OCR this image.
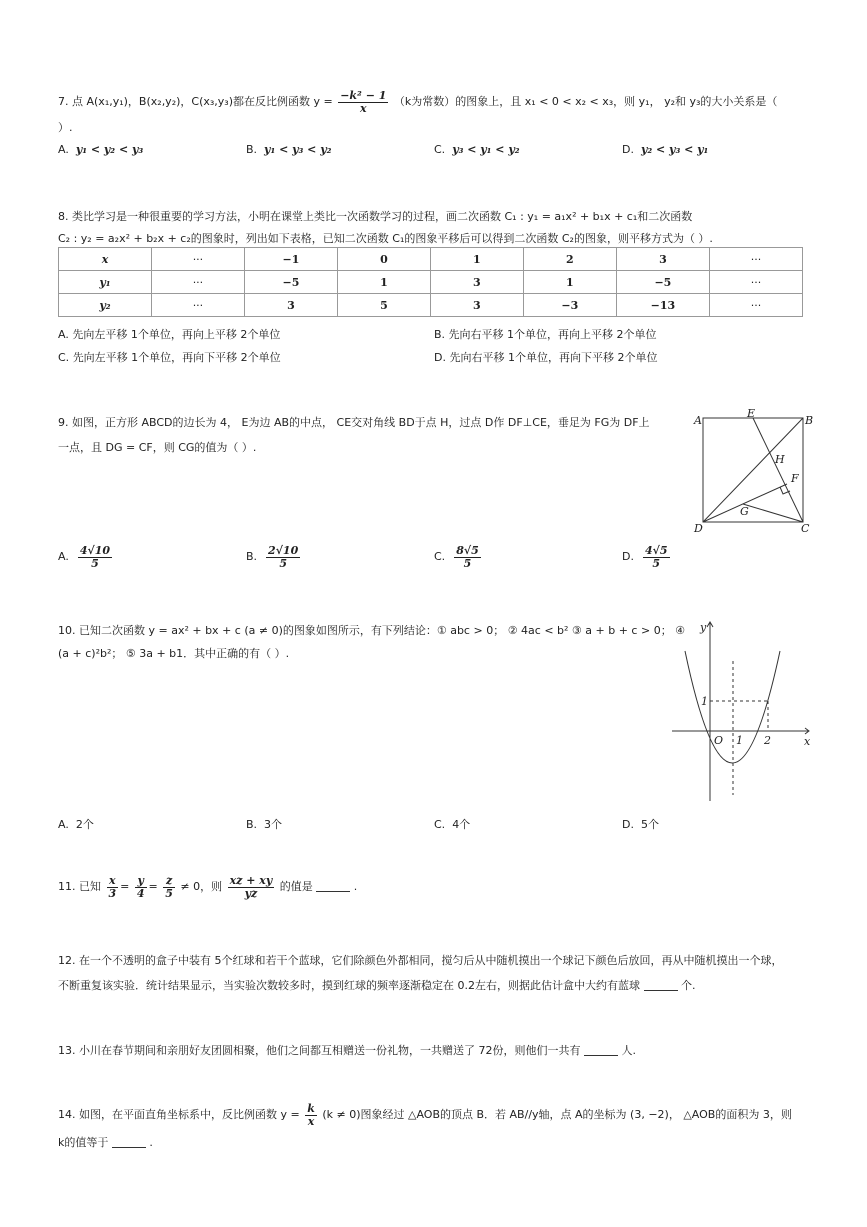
7. 点 A(x₁,y₁)，B(x₂,y₂)，C(x₃,y₃)都在反比例函数 $y = \frac{\text{−k² − 1}}{x} (k$为常数）的图象上，且 x₁ < 0 < x₂ < x₃，则 y₁， y₂和 y₃的大小关系是（
）.
A. y₁ < y₂ < y₃	B. y₁ < y₃ < y₂	C. y₃ < y₁ < y₂	D. y₂ < y₃ < y₁
8. 类比学习是一种很重要的学习方法，小明在课堂上类比一次函数学习的过程，画二次函数 C₁ : y₁ = a₁x² + b₁x + c₁和二次函数
C₂ : y₂ = a₂x² + b₂x + c₂的图象时，列出如下表格，已知二次函数 C₁的图象平移后可以得到二次函数 C₂的图象，则平移方式为（ ）.
x	···	−1	0	1	2	3	···
y₁	···	−5	1	3	1	−5	···
y₂	···	3	5	3	−3	−13	···
A. 先向左平移 1个单位，再向上平移 2个单位	B. 先向右平移 1个单位，再向上平移 2个单位
C. 先向左平移 1个单位，再向下平移 2个单位	D. 先向右平移 1个单位，再向下平移 2个单位
9. 如图，正方形 ABCD的边长为 4， E为边 AB的中点， CE交对角线 BD于点 H，过点 D作 DF⊥CE，垂足为 FG为 DF上
一点，且 DG = CF，则 CG的值为（ ）.
A
E
B
H
F
G
D	C
A. $\frac{4√10}{5}$	B. $\frac{2√10}{5}$	C. $\frac{8√5}{5}$	D. $\frac{4√5}{5}$
10. 已知二次函数 y = ax² + bx + c (a ≠ 0)的图象如图所示，有下列结论：① abc > 0； ② 4ac < b² ③ a + b + c > 0； ④
(a + c)²b²； ⑤ 3a + b1．其中正确的有（ ）.
y
x
O 1 2
1
A. 2个	B. 3个	C. 4个	D. 5个
11. 已知 $\frac{x}{3} = \frac{y}{4} = \frac{z}{5} \ne 0$，则 $\frac{xz + xy}{yz}$ 的值是	.
12. 在一个不透明的盒子中装有 5个红球和若干个蓝球，它们除颜色外都相同，搅匀后从中随机摸出一个球记下颜色后放回，再从中随机摸出一个球，
不断重复该实验．统计结果显示，当实验次数较多时，摸到红球的频率逐渐稳定在 0.2左右，则据此估计盒中大约有蓝球	个.
13. 小川在春节期间和亲朋好友团圆相聚，他们之间都互相赠送一份礼物，一共赠送了 72份，则他们一共有	人.
14. 如图，在平面直角坐标系中，反比例函数 $y = \frac{k}{x} (k \ne 0)$图象经过 △AOB的顶点 B．若 AB//y轴，点 A的坐标为 (3, −2)， △AOB的面积为 3，则
k的值等于	.
